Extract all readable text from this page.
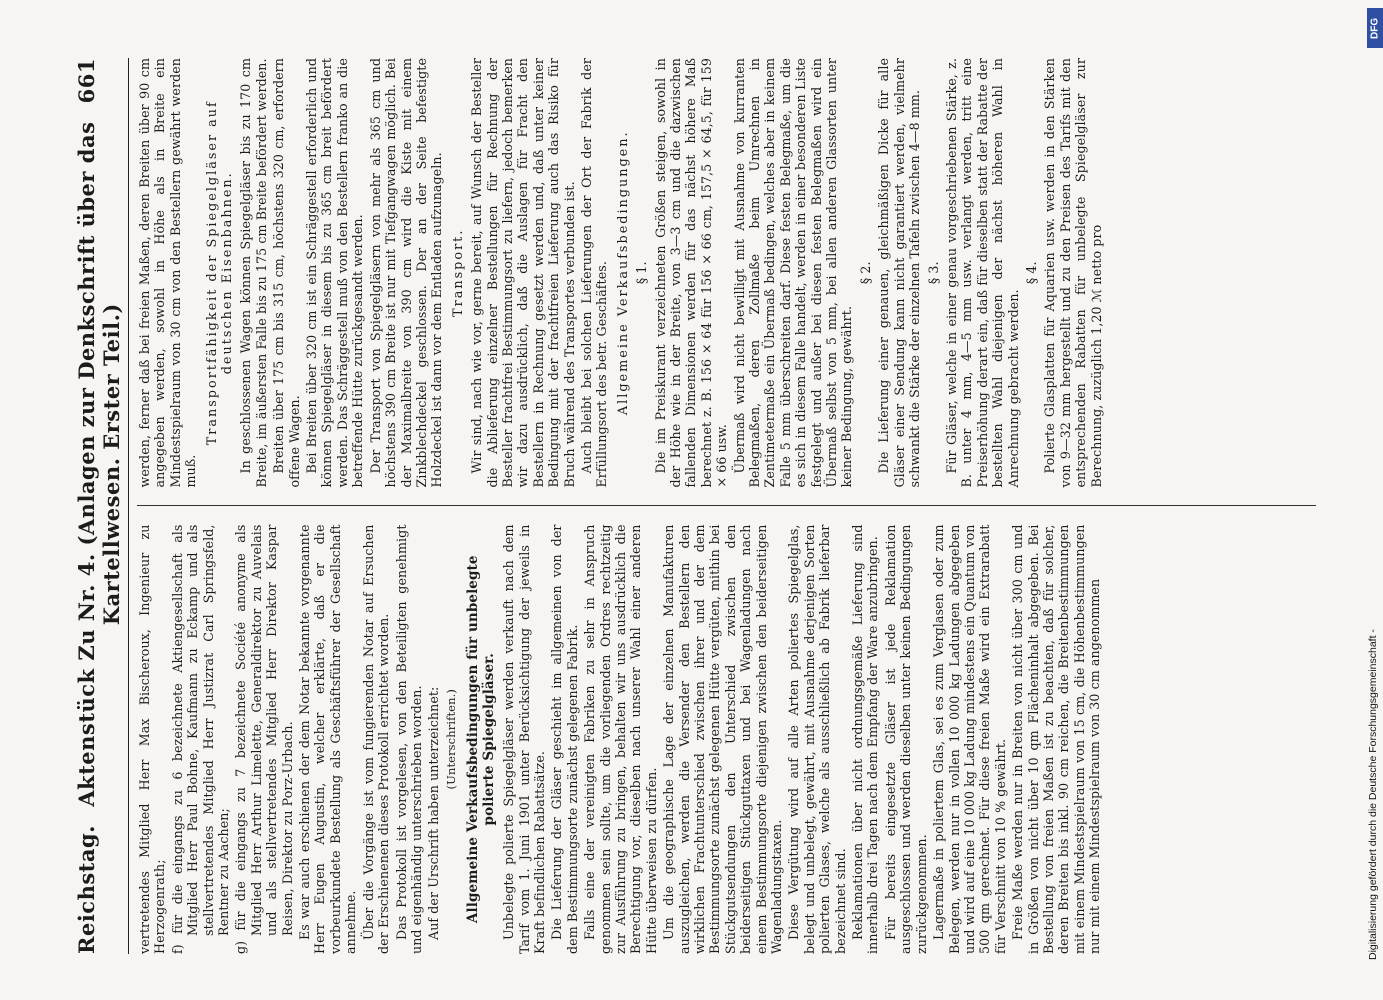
Reichstag.
Aktenstück Zu Nr. 4. (Anlagen zur Denkschrift über das Kartellwesen. Erster Teil.)
661

vertretendes Mitglied Herr Max Bischeroux, Ingenieur zu Herzogenrath; f) für die eingangs zu 6 bezeichnete Aktiengesellschaft als Mitglied Herr Paul Bohne, Kaufmann zu Eckamp und als stellvertretendes Mitglied Herr Justizrat Carl Springsfeld, Rentner zu Aachen; g) für die eingangs zu 7 bezeichnete Société anonyme als Mitglied Herr Arthur Limelette, Generaldirektor zu Auvelais und als stellvertretendes Mitglied Herr Direktor Kaspar Reisen, Direktor zu Porz-Urbach. Es war auch erschienen der dem Notar bekannte vorgenannte Herr Eugen Augustin, welcher erklärte, daß er die vorbeurkundete Bestellung als Geschäftsführer der Gesellschaft annehme. Über die Vorgänge ist vom fungierenden Notar auf Ersuchen der Erschienenen dieses Protokoll errichtet worden. Das Protokoll ist vorgelesen, von den Beteiligten genehmigt und eigenhändig unterschrieben worden. Auf der Urschrift haben unterzeichnet: (Unterschriften.) Allgemeine Verkaufsbedingungen für unbelegte polierte Spiegelgläser. Unbelegte polierte Spiegelgläser werden verkauft nach dem Tarif vom 1. Juni 1901 unter Berücksichtigung der jeweils in Kraft befindlichen Rabattsätze. Die Lieferung der Gläser geschieht im allgemeinen von der dem Bestimmungsorte zunächst gelegenen Fabrik. Falls eine der vereinigten Fabriken zu sehr in Anspruch genommen sein sollte, um die vorliegenden Ordres rechtzeitig zur Ausführung zu bringen, behalten wir uns ausdrücklich die Berechtigung vor, dieselben nach unserer Wahl einer anderen Hütte überweisen zu dürfen. Um die geographische Lage der einzelnen Manufakturen auszugleichen, werden die Versender den Bestellern den wirklichen Frachtunterschied zwischen ihrer und der dem Bestimmungsorte zunächst gelegenen Hütte vergüten, mithin bei Stückgutsendungen den Unterschied zwischen den beiderseitigen Stückguttaxen und bei Wagenladungen nach einem Bestimmungsorte diejenigen zwischen den beiderseitigen Wagenladungstaxen. Diese Vergütung wird auf alle Arten poliertes Spiegelglas, belegt und unbelegt, gewährt, mit Ausnahme derjenigen Sorten polierten Glases, welche als ausschließlich ab Fabrik lieferbar bezeichnet sind. Reklamationen über nicht ordnungsgemäße Lieferung sind innerhalb drei Tagen nach dem Empfang der Ware anzubringen. Für bereits eingesetzte Gläser ist jede Reklamation ausgeschlossen und werden dieselben unter keinen Bedingungen zurückgenommen. Lagermaße in poliertem Glas, sei es zum Verglasen oder zum Belegen, werden nur in vollen 10 000 kg Ladungen abgegeben und wird auf eine 10 000 kg Ladung mindestens ein Quantum von 500 qm gerechnet. Für diese freien Maße wird ein Extrarabatt für Verschnitt von 10 % gewährt. Freie Maße werden nur in Breiten von nicht über 300 cm und in Größen von nicht über 10 qm Flächeninhalt abgegeben. Bei Bestellung von freien Maßen ist zu beachten, daß für solcher, deren Breiten bis inkl. 90 cm reichen, die Breitenbestimmungen mit einem Mindestspielraum von 15 cm, die Höhenbestimmungen nur mit einem Mindestspielraum von 30 cm angenommen

werden, ferner daß bei freien Maßen, deren Breiten über 90 cm angegeben werden, sowohl in Höhe als in Breite ein Mindestspielraum von 30 cm von den Bestellern gewährt werden muß.

Transportfähigkeit der Spiegelgläser auf deutschen Eisenbahnen. In geschlossenen Wagen können Spiegelgläser bis zu 170 cm Breite, im äußersten Falle bis zu 175 cm Breite befördert werden. Breiten über 175 cm bis 315 cm, höchstens 320 cm, erfordern offene Wagen. Bei Breiten über 320 cm ist ein Schräggestell erforderlich und können Spiegelgläser in diesem bis zu 365 cm breit befördert werden. Das Schräggestell muß von den Bestellern franko an die betreffende Hütte zurückgesandt werden. Der Transport von Spiegelgläsern von mehr als 365 cm und höchstens 390 cm Breite ist nur mit Tiefgangwagen möglich. Bei der Maximalbreite von 390 cm wird die Kiste mit einem Zinkblechdeckel geschlossen. Der an der Seite befestigte Holzdeckel ist dann vor dem Entladen aufzunageln. Transport. Wir sind, nach wie vor, gerne bereit, auf Wunsch der Besteller die Ablieferung einzelner Bestellungen für Rechnung der Besteller frachtfrei Bestimmungsort zu liefern, jedoch bemerken wir dazu ausdrücklich, daß die Auslagen für Fracht den Bestellern in Rechnung gesetzt werden und, daß unter keiner Bedingung mit der frachtfreien Lieferung auch das Risiko für Bruch während des Transportes verbunden ist. Auch bleibt bei solchen Lieferungen der Ort der Fabrik der Erfüllungsort des betr. Geschäftes. Allgemeine Verkaufsbedingungen. § 1. Die im Preiskurant verzeichneten Größen steigen, sowohl in der Höhe wie in der Breite, von 3—3 cm und die dazwischen fallenden Dimensionen werden für das nächst höhere Maß berechnet z. B. 156 × 64 für 156 × 66 cm, 157,5 × 64,5, für 159 × 66 usw. Übermaß wird nicht bewilligt mit Ausnahme von kurranten Belegmaßen, deren Zollmaße beim Umrechnen in Zentimetermaße ein Übermaß bedingen, welches aber in keinem Falle 5 mm überschreiten darf. Diese festen Belegmaße, um die es sich in diesem Falle handelt, werden in einer besonderen Liste festgelegt und außer bei diesen festen Belegmaßen wird ein Übermaß selbst von 5 mm, bei allen anderen Glassorten unter keiner Bedingung, gewährt.

§ 2. Die Lieferung einer genauen, gleichmäßigen Dicke für alle Gläser einer Sendung kann nicht garantiert werden, vielmehr schwankt die Stärke der einzelnen Tafeln zwischen 4—8 mm. § 3. Für Gläser, welche in einer genau vorgeschriebenen Stärke, z. B. unter 4 mm, 4—5 mm usw. verlangt werden, tritt eine Preiserhöhung derart ein, daß für dieselben statt der Rabatte der bestellten Wahl diejenigen der nächst höheren Wahl in Anrechnung gebracht werden.

§ 4. Polierte Glasplatten für Aquarien usw. werden in den Stärken von 9—32 mm hergestellt und zu den Preisen des Tarifs mit den entsprechenden Rabatten für unbelegte Spiegelgläser zur Berechnung, zuzüglich 1,20 ℳ netto pro

DFG
Digitalisierung gefördert durch die Deutsche Forschungsgemeinschaft -
